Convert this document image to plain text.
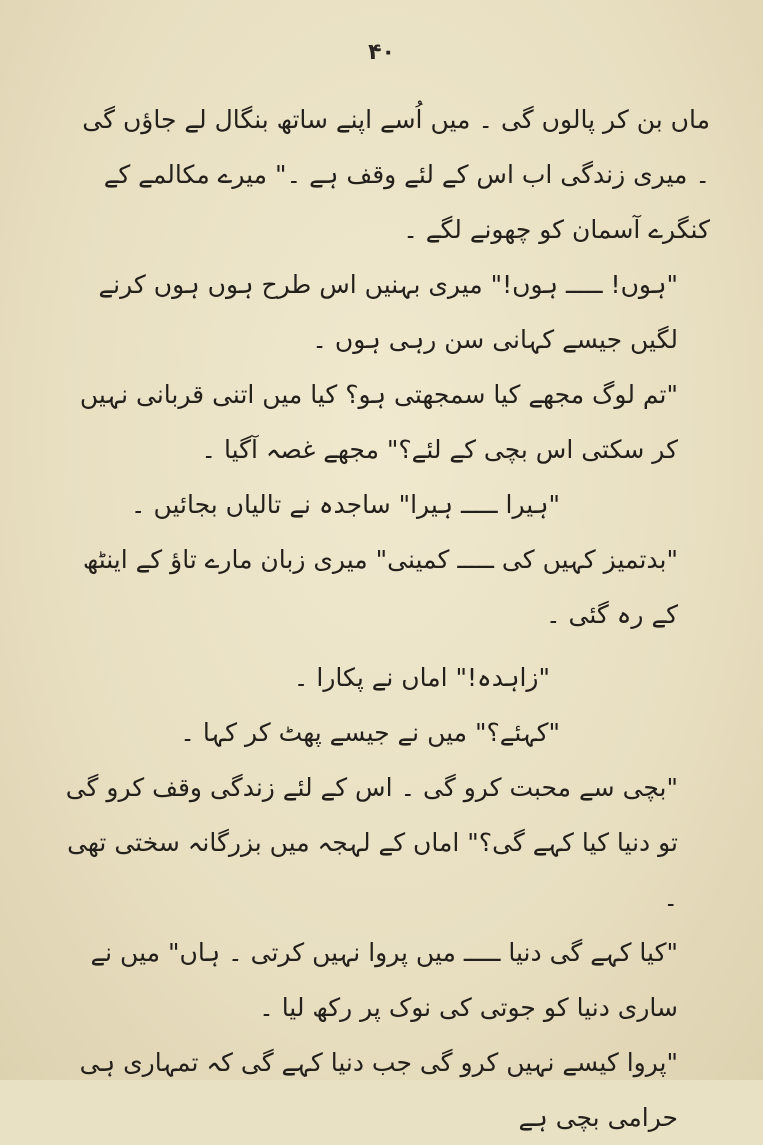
۴۰

ماں بن کر پالوں گی ۔ میں اُسے اپنے ساتھ بنگال لے جاؤں گی ۔ میری زندگی اب اس کے لئے وقف ہے ۔" میرے مکالمے کے کنگرے آسمان کو چھونے لگے ۔

"ہوں! ـــــ ہوں!" میری بہنیں اس طرح ہوں ہوں کرنے لگیں جیسے کہانی سن رہی ہوں ۔

"تم لوگ مجھے کیا سمجھتی ہو؟ کیا میں اتنی قربانی نہیں کر سکتی اس بچی کے لئے؟" مجھے غصہ آگیا ۔

"ہیرا ـــــ ہیرا" ساجدہ نے تالیاں بجائیں ۔

"بدتمیز کہیں کی ـــــ کمینی" میری زبان مارے تاؤ کے اینٹھ کے رہ گئی ۔

"زاہدہ!" اماں نے پکارا ۔

"کہئے؟" میں نے جیسے پھٹ کر کہا ۔

"بچی سے محبت کرو گی ۔ اس کے لئے زندگی وقف کرو گی تو دنیا کیا کہے گی؟" اماں کے لہجہ میں بزرگانہ سختی تھی ۔

"کیا کہے گی دنیا ـــــ میں پروا نہیں کرتی ۔ ہاں" میں نے ساری دنیا کو جوتی کی نوک پر رکھ لیا ۔

"پروا کیسے نہیں کرو گی جب دنیا کہے گی کہ تمہاری ہی حرامی بچی ہے
